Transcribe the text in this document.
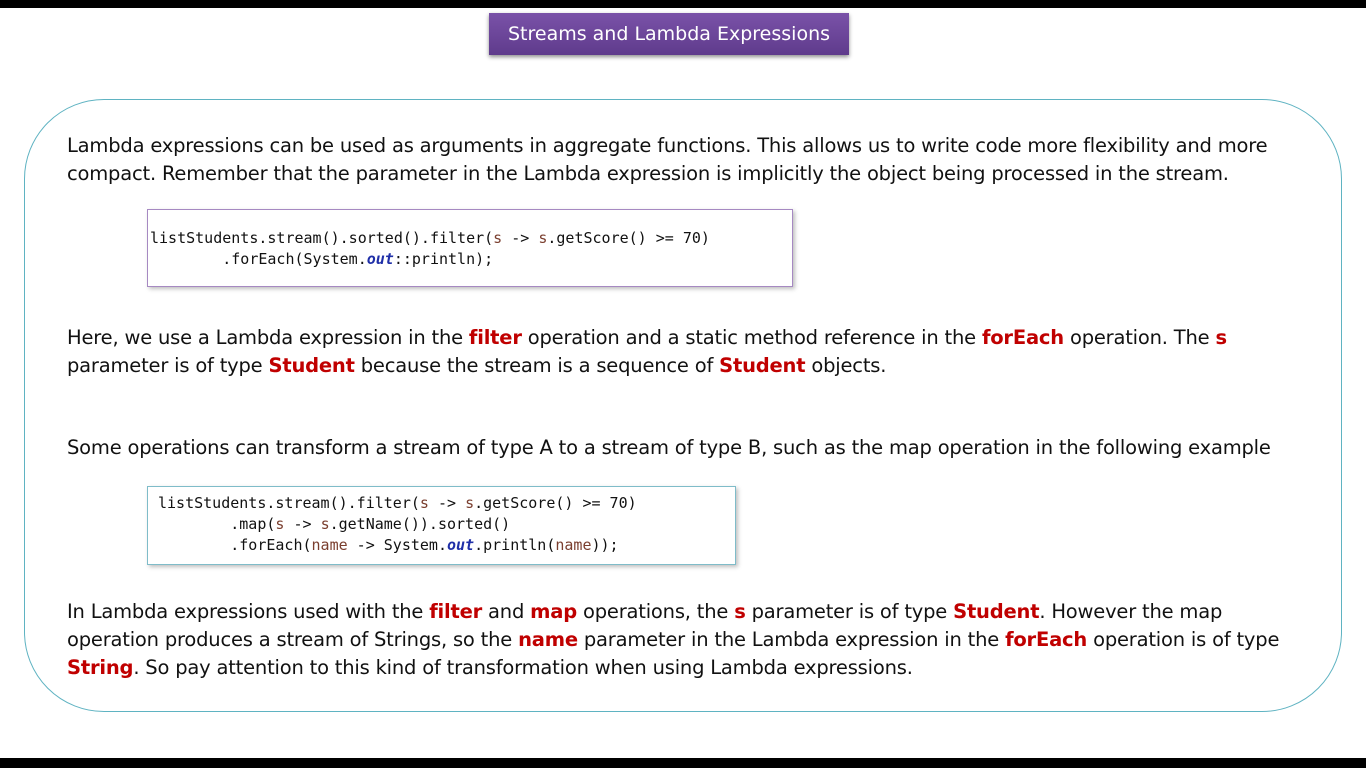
Streams and Lambda Expressions

Lambda expressions can be used as arguments in aggregate functions. This allows us to write code more flexibility and more compact. Remember that the parameter in the Lambda expression is implicitly the object being processed in the stream.

listStudents.stream().sorted().filter(s -> s.getScore() >= 70)
.forEach(System.out::println);

Here, we use a Lambda expression in the filter operation and a static method reference in the forEach operation. The s parameter is of type Student because the stream is a sequence of Student objects.

Some operations can transform a stream of type A to a stream of type B, such as the map operation in the following example

listStudents.stream().filter(s -> s.getScore() >= 70)
.map(s -> s.getName()).sorted()
.forEach(name -> System.out.println(name));

In Lambda expressions used with the filter and map operations, the s parameter is of type Student. However the map operation produces a stream of Strings, so the name parameter in the Lambda expression in the forEach operation is of type String. So pay attention to this kind of transformation when using Lambda expressions.
